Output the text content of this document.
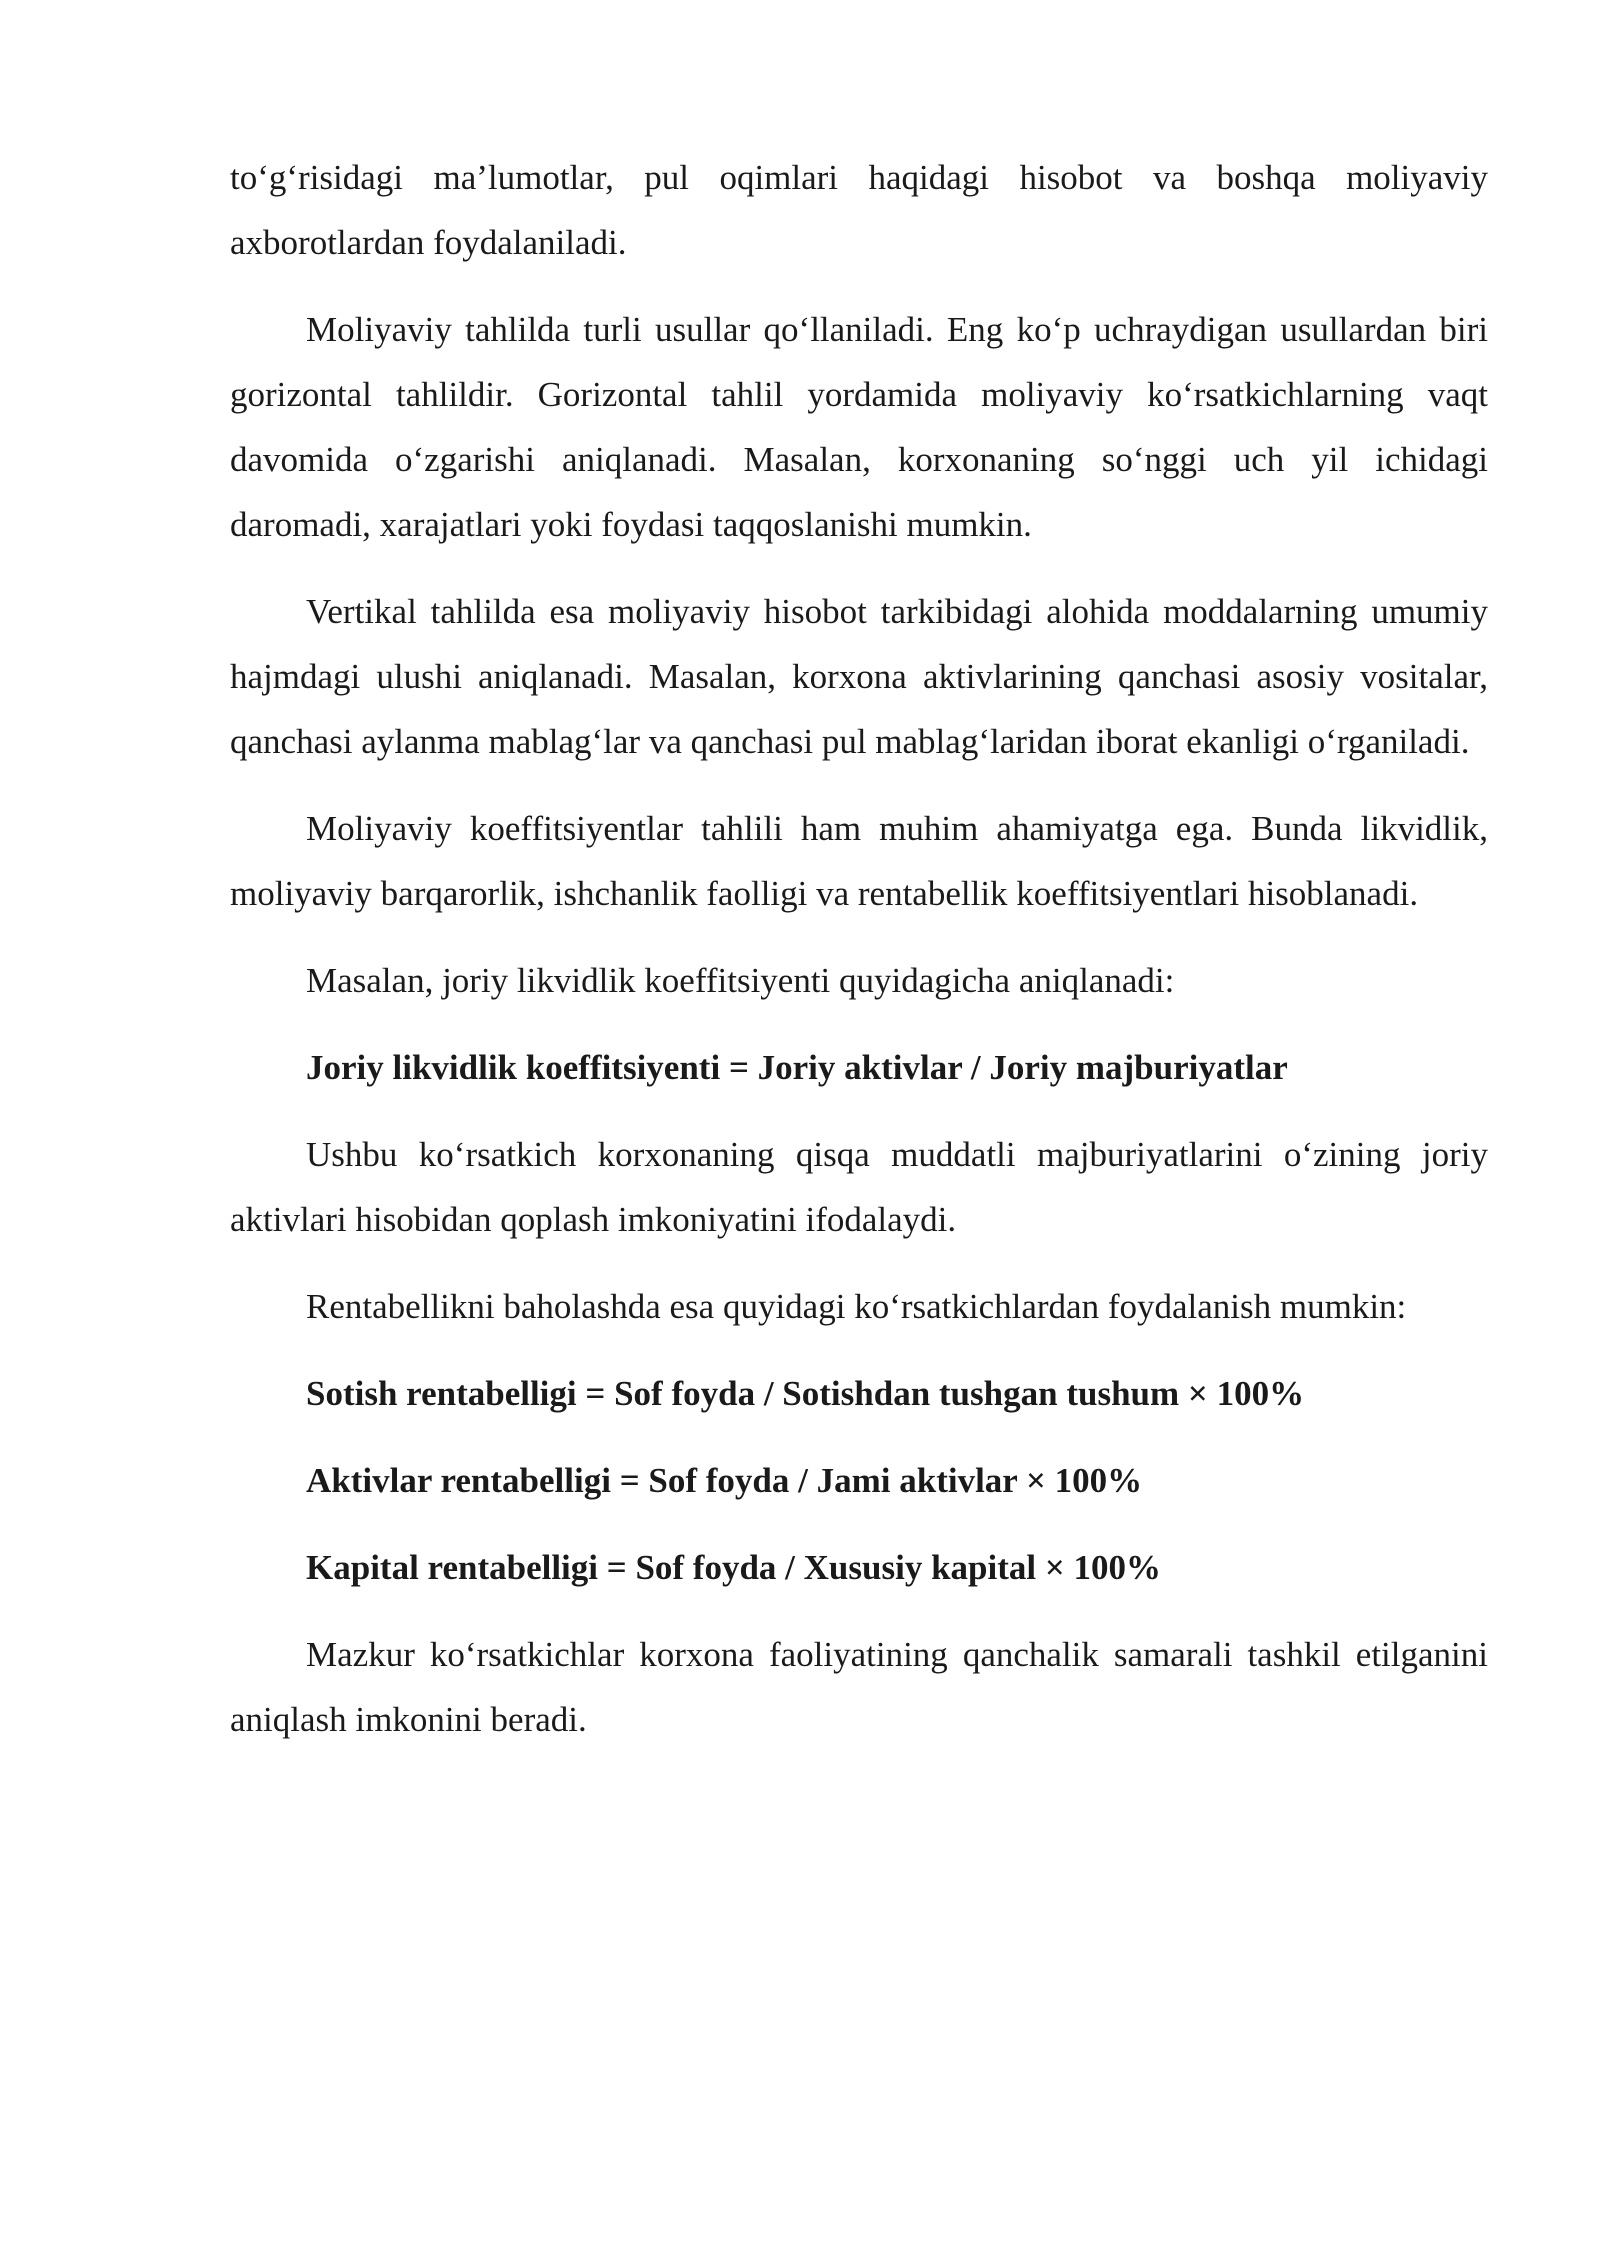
to‘g‘risidagi ma’lumotlar, pul oqimlari haqidagi hisobot va boshqa moliyaviy axborotlardan foydalaniladi.

Moliyaviy tahlilda turli usullar qo‘llaniladi. Eng ko‘p uchraydigan usullardan biri gorizontal tahlildir. Gorizontal tahlil yordamida moliyaviy ko‘rsatkichlarning vaqt davomida o‘zgarishi aniqlanadi. Masalan, korxonaning so‘nggi uch yil ichidagi daromadi, xarajatlari yoki foydasi taqqoslanishi mumkin.

Vertikal tahlilda esa moliyaviy hisobot tarkibidagi alohida moddalarning umumiy hajmdagi ulushi aniqlanadi. Masalan, korxona aktivlarining qanchasi asosiy vositalar, qanchasi aylanma mablag‘lar va qanchasi pul mablag‘laridan iborat ekanligi o‘rganiladi.

Moliyaviy koeffitsiyentlar tahlili ham muhim ahamiyatga ega. Bunda likvidlik, moliyaviy barqarorlik, ishchanlik faolligi va rentabellik koeffitsiyentlari hisoblanadi.

Masalan, joriy likvidlik koeffitsiyenti quyidagicha aniqlanadi:

Joriy likvidlik koeffitsiyenti = Joriy aktivlar / Joriy majburiyatlar

Ushbu ko‘rsatkich korxonaning qisqa muddatli majburiyatlarini o‘zining joriy aktivlari hisobidan qoplash imkoniyatini ifodalaydi.

Rentabellikni baholashda esa quyidagi ko‘rsatkichlardan foydalanish mumkin:

Sotish rentabelligi = Sof foyda / Sotishdan tushgan tushum × 100%

Aktivlar rentabelligi = Sof foyda / Jami aktivlar × 100%

Kapital rentabelligi = Sof foyda / Xususiy kapital × 100%

Mazkur ko‘rsatkichlar korxona faoliyatining qanchalik samarali tashkil etilganini aniqlash imkonini beradi.
